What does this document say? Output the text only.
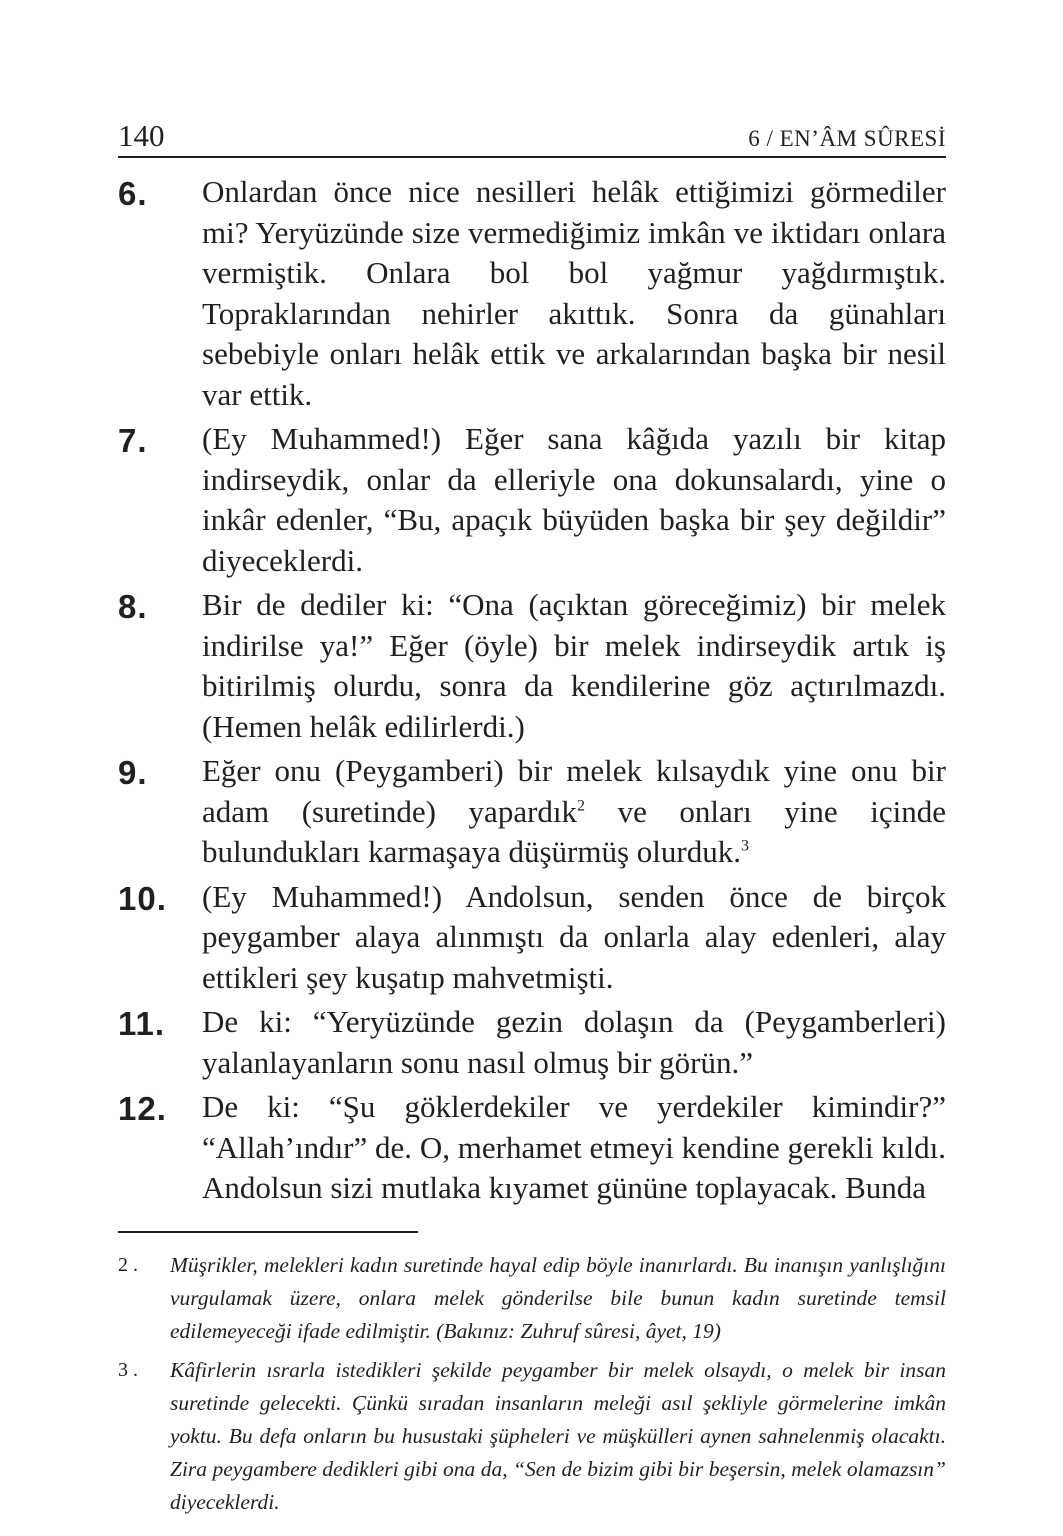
140	6 / EN’ÂM SÛRESİ
6.	Onlardan önce nice nesilleri helâk ettiğimizi görmediler mi? Yeryüzünde size vermediğimiz imkân ve iktidarı onlara vermiştik. Onlara bol bol yağmur yağdırmıştık. Topraklarından nehirler akıttık. Sonra da günahları sebebiyle onları helâk ettik ve arkalarından başka bir nesil var ettik.
7.	(Ey Muhammed!) Eğer sana kâğıda yazılı bir kitap indirseydik, onlar da elleriyle ona dokunsalardı, yine o inkâr edenler, “Bu, apaçık büyüden başka bir şey değildir” diyeceklerdi.
8.	Bir de dediler ki: “Ona (açıktan göreceğimiz) bir melek indirilse ya!” Eğer (öyle) bir melek indirseydik artık iş bitirilmiş olurdu, sonra da kendilerine göz açtırılmazdı. (Hemen helâk edilirlerdi.)
9.	Eğer onu (Peygamberi) bir melek kılsaydık yine onu bir adam (suretinde) yapardık$^2$ ve onları yine içinde bulundukları karmaşaya düşürmüş olurduk.$^3$
10.	(Ey Muhammed!) Andolsun, senden önce de birçok peygamber alaya alınmıştı da onlarla alay edenleri, alay ettikleri şey kuşatıp mahvetmişti.
11.	De ki: “Yeryüzünde gezin dolaşın da (Peygamberleri) yalanlayanların sonu nasıl olmuş bir görün.”
12.	De ki: “Şu göklerdekiler ve yerdekiler kimindir?” “Allah’ındır” de. O, merhamet etmeyi kendine gerekli kıldı. Andolsun sizi mutlaka kıyamet gününe toplayacak. Bunda
2 .	Müşrikler, melekleri kadın suretinde hayal edip böyle inanırlardı. Bu inanışın yanlışlığını vurgulamak üzere, onlara melek gönderilse bile bunun kadın suretinde temsil edilemeyeceği ifade edilmiştir. (Bakınız: Zuhruf sûresi, âyet, 19)
3 .	Kâfirlerin ısrarla istedikleri şekilde peygamber bir melek olsaydı, o melek bir insan suretinde gelecekti. Çünkü sıradan insanların meleği asıl şekliyle görmelerine imkân yoktu. Bu defa onların bu husustaki şüpheleri ve müşkülleri aynen sahnelenmiş olacaktı. Zira peygambere dedikleri gibi ona da, “Sen de bizim gibi bir beşersin, melek olamazsın” diyeceklerdi.
